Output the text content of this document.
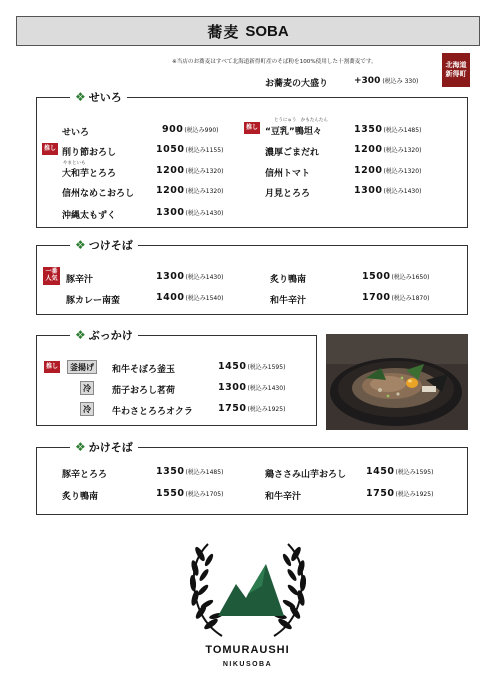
蕎麦 SOBA
※当店のお蕎麦はすべて北海道新得町産のそば粉を100%使用した十割蕎麦です。	北海道
新得町
お蕎麦の大盛り	+300 (税込み 330)
❖ せいろ
せいろ	900(税込み990)
推し 削り節おろし	1050(税込み1155)
やまといも
大和芋とろろ	1200(税込み1320)
信州なめこおろし 1200(税込み1320)
沖縄太もずく	1300(税込み1430)
推し
とうにゅう　かもたんたん
“豆乳”鴨坦々	1350(税込み1485)
濃厚ごまだれ	1200(税込み1320)
信州トマト	1200(税込み1320)
月見とろろ	1300(税込み1430)
❖ つけそば
一番
人気 豚辛汁	1300(税込み1430)
豚カレー南蛮	1400(税込み1540)
炙り鴨南	1500(税込み1650)
和牛辛汁	1700(税込み1870)
❖ ぶっかけ
推し	釜揚げ	和牛そぼろ釜玉	1450(税込み1595)
冷	茄子おろし茗荷	1300(税込み1430)
冷	牛わさとろろオクラ	1750(税込み1925)
❖ かけそば
豚辛とろろ	1350(税込み1485)
炙り鴨南	1550(税込み1705)
鶏ささみ山芋おろし 1450(税込み1595)
和牛辛汁	1750(税込み1925)
TOMURAUSHI
NIKUSOBA
